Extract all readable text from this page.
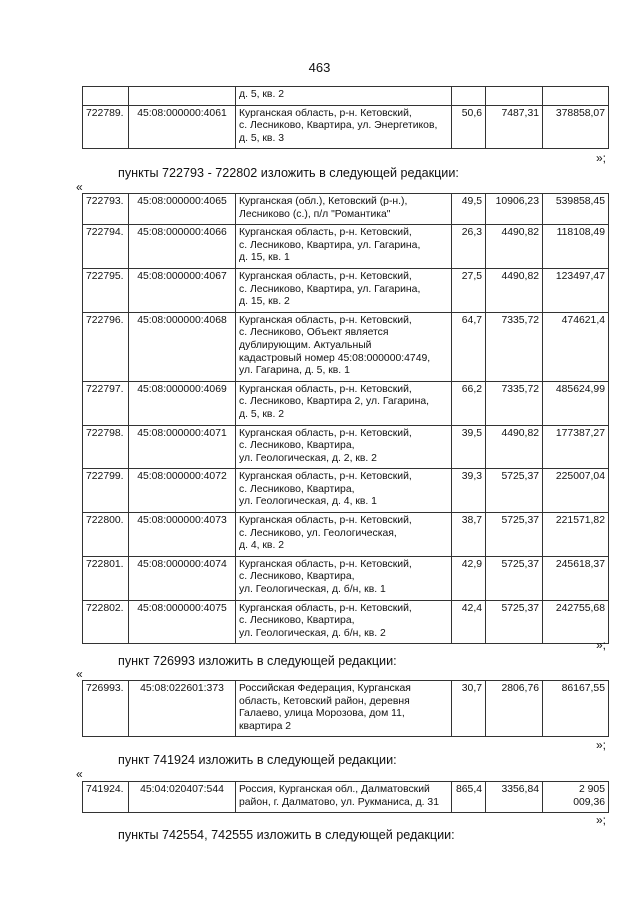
463

		д. 5, кв. 2			

722789.	45:08:000000:4061	Курганская область, р-н. Кетовский,
с. Лесниково, Квартира, ул. Энергетиков,
д. 5, кв. 3	50,6	7487,31	378858,07
»;
пункты 722793 - 722802 изложить в следующей редакции:
«
722793.	45:08:000000:4065	Курганская (обл.), Кетовский (р-н.),
Лесниково (с.), п/л "Романтика"	49,5	10906,23	539858,45
722794.	45:08:000000:4066	Курганская область, р-н. Кетовский,
с. Лесниково, Квартира, ул. Гагарина,
д. 15, кв. 1	26,3	4490,82	118108,49
722795.	45:08:000000:4067	Курганская область, р-н. Кетовский,
с. Лесниково, Квартира, ул. Гагарина,
д. 15, кв. 2	27,5	4490,82	123497,47
722796.	45:08:000000:4068	Курганская область, р-н. Кетовский,
с. Лесниково, Объект является
дублирующим. Актуальный
кадастровый номер 45:08:000000:4749,
ул. Гагарина, д. 5, кв. 1	64,7	7335,72	474621,4
722797.	45:08:000000:4069	Курганская область, р-н. Кетовский,
с. Лесниково, Квартира 2, ул. Гагарина,
д. 5, кв. 2	66,2	7335,72	485624,99
722798.	45:08:000000:4071	Курганская область, р-н. Кетовский,
с. Лесниково, Квартира,
ул. Геологическая, д. 2, кв. 2	39,5	4490,82	177387,27
722799.	45:08:000000:4072	Курганская область, р-н. Кетовский,
с. Лесниково, Квартира,
ул. Геологическая, д. 4, кв. 1	39,3	5725,37	225007,04
722800.	45:08:000000:4073	Курганская область, р-н. Кетовский,
с. Лесниково, ул. Геологическая,
д. 4, кв. 2	38,7	5725,37	221571,82
722801.	45:08:000000:4074	Курганская область, р-н. Кетовский,
с. Лесниково, Квартира,
ул. Геологическая, д. б/н, кв. 1	42,9	5725,37	245618,37
722802.	45:08:000000:4075	Курганская область, р-н. Кетовский,
с. Лесниково, Квартира,
ул. Геологическая, д. б/н, кв. 2	42,4	5725,37	242755,68
»;
пункт 726993 изложить в следующей редакции:
«
726993.	45:08:022601:373	Российская Федерация, Курганская
область, Кетовский район, деревня
Галаево, улица Морозова, дом 11,
квартира 2
	30,7	2806,76	86167,55
»;
пункт 741924 изложить в следующей редакции:
«
741924.	45:04:020407:544	Россия, Курганская обл., Далматовский
район, г. Далматово, ул. Рукманиса, д. 31
	865,4	3356,84	2 905 009,36
»;
пункты 742554, 742555 изложить в следующей редакции:
